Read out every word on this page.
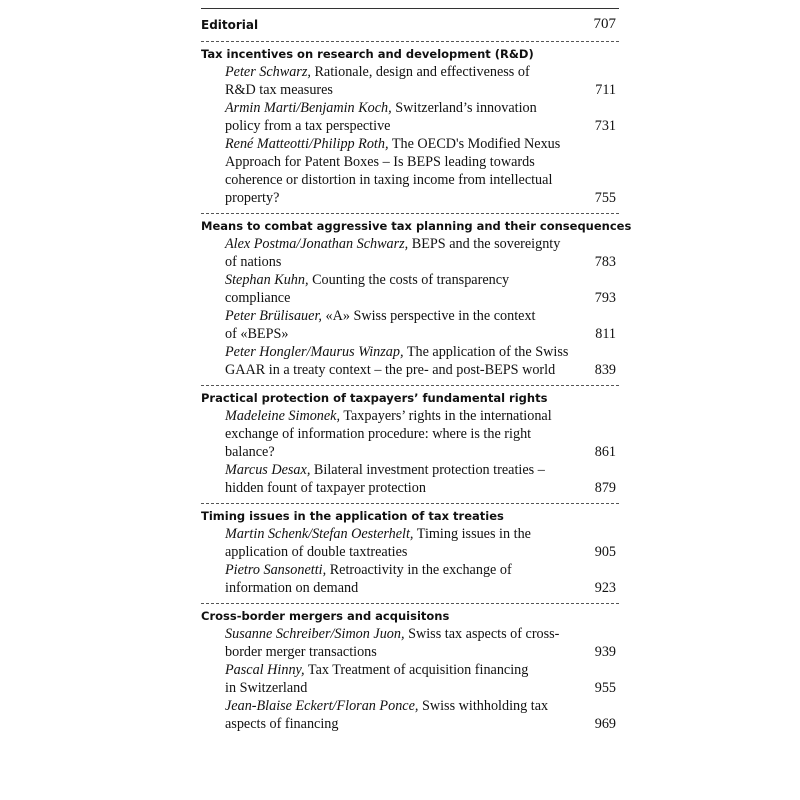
Editorial	707
Tax incentives on research and development (R&D)
Peter Schwarz, Rationale, design and effectiveness of
R&D tax measures	711
Armin Marti/Benjamin Koch, Switzerland’s innovation
policy from a tax perspective	731
René Matteotti/Philipp Roth, The OECD's Modified Nexus
Approach for Patent Boxes – Is BEPS leading towards
coherence or distortion in taxing income from intellectual
property?	755
Means to combat aggressive tax planning and their consequences
Alex Postma/Jonathan Schwarz, BEPS and the sovereignty
of nations	783
Stephan Kuhn, Counting the costs of transparency
compliance	793
Peter Brülisauer, «A» Swiss perspective in the context
of «BEPS»	811
Peter Hongler/Maurus Winzap, The application of the Swiss
GAAR in a treaty context – the pre- and post-BEPS world	839
Practical protection of taxpayers’ fundamental rights
Madeleine Simonek, Taxpayers’ rights in the international
exchange of information procedure: where is the right
balance?	861
Marcus Desax, Bilateral investment protection treaties –
hidden fount of taxpayer protection	879
Timing issues in the application of tax treaties
Martin Schenk/Stefan Oesterhelt, Timing issues in the
application of double taxtreaties	905
Pietro Sansonetti, Retroactivity in the exchange of
information on demand	923
Cross-border mergers and acquisitons
Susanne Schreiber/Simon Juon, Swiss tax aspects of cross-
border merger transactions	939
Pascal Hinny, Tax Treatment of acquisition financing
in Switzerland	955
Jean-Blaise Eckert/Floran Ponce, Swiss withholding tax
aspects of financing	969
